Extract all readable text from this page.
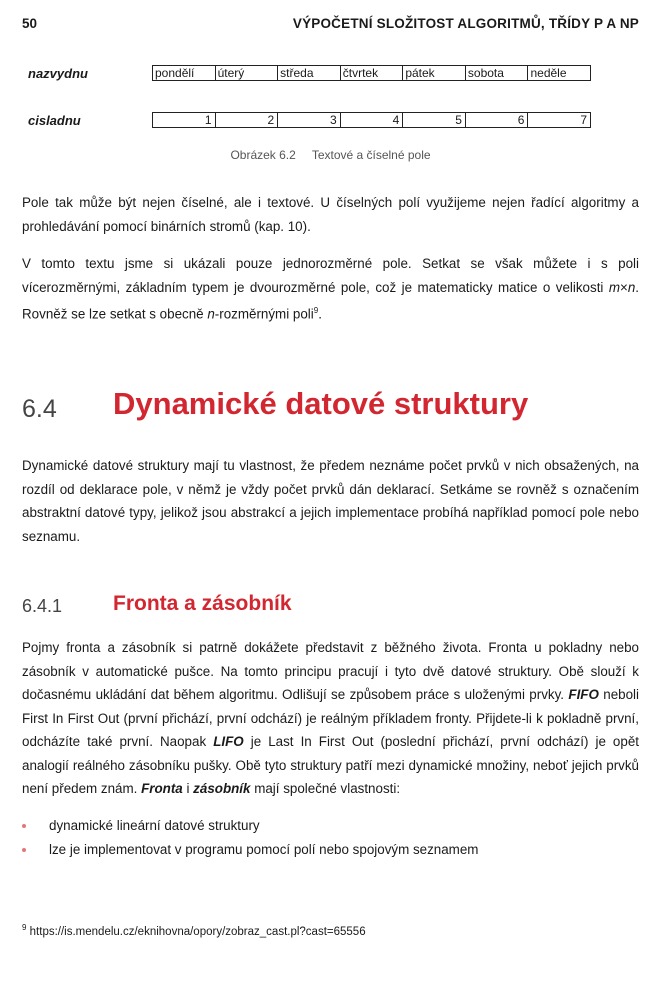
50	VÝPOČETNÍ SLOŽITOST ALGORITMŮ, TŘÍDY P A NP
nazvydnu	pondělí	úterý	středa	čtvrtek	pátek	sobota	neděle
cisladnu	1	2	3	4	5	6	7
Obrázek 6.2 Textové a číselné pole

Pole tak může být nejen číselné, ale i textové. U číselných polí využijeme nejen řadící algoritmy a prohledávání pomocí binárních stromů (kap. 10).

V tomto textu jsme si ukázali pouze jednorozměrné pole. Setkat se však můžete i s poli vícerozměrnými, základním typem je dvourozměrné pole, což je matematicky matice o velikosti m×n. Rovněž se lze setkat s obecně n-rozměrnými poli$^9$.

6.4 Dynamické datové struktury

Dynamické datové struktury mají tu vlastnost, že předem neznáme počet prvků v nich obsažených, na rozdíl od deklarace pole, v němž je vždy počet prvků dán deklarací. Setkáme se rovněž s označením abstraktní datové typy, jelikož jsou abstrakcí a jejich implementace probíhá například pomocí pole nebo seznamu.

6.4.1 Fronta a zásobník

Pojmy fronta a zásobník si patrně dokážete představit z běžného života. Fronta u pokladny nebo zásobník v automatické pušce. Na tomto principu pracují i tyto dvě datové struktury. Obě slouží k dočasnému ukládání dat během algoritmu. Odlišují se způsobem práce s uloženými prvky. FIFO neboli First In First Out (první přichází, první odchází) je reálným příkladem fronty. Přijdete-li k pokladně první, odcházíte také první. Naopak LIFO je Last In First Out (poslední přichází, první odchází) je opět analogií reálného zásobníku pušky. Obě tyto struktury patří mezi dynamické množiny, neboť jejich prvků není předem znám. Fronta i zásobník mají společné vlastnosti:

dynamické lineární datové struktury
lze je implementovat v programu pomocí polí nebo spojovým seznamem
$^9$ https://is.mendelu.cz/eknihovna/opory/zobraz_cast.pl?cast=65556
